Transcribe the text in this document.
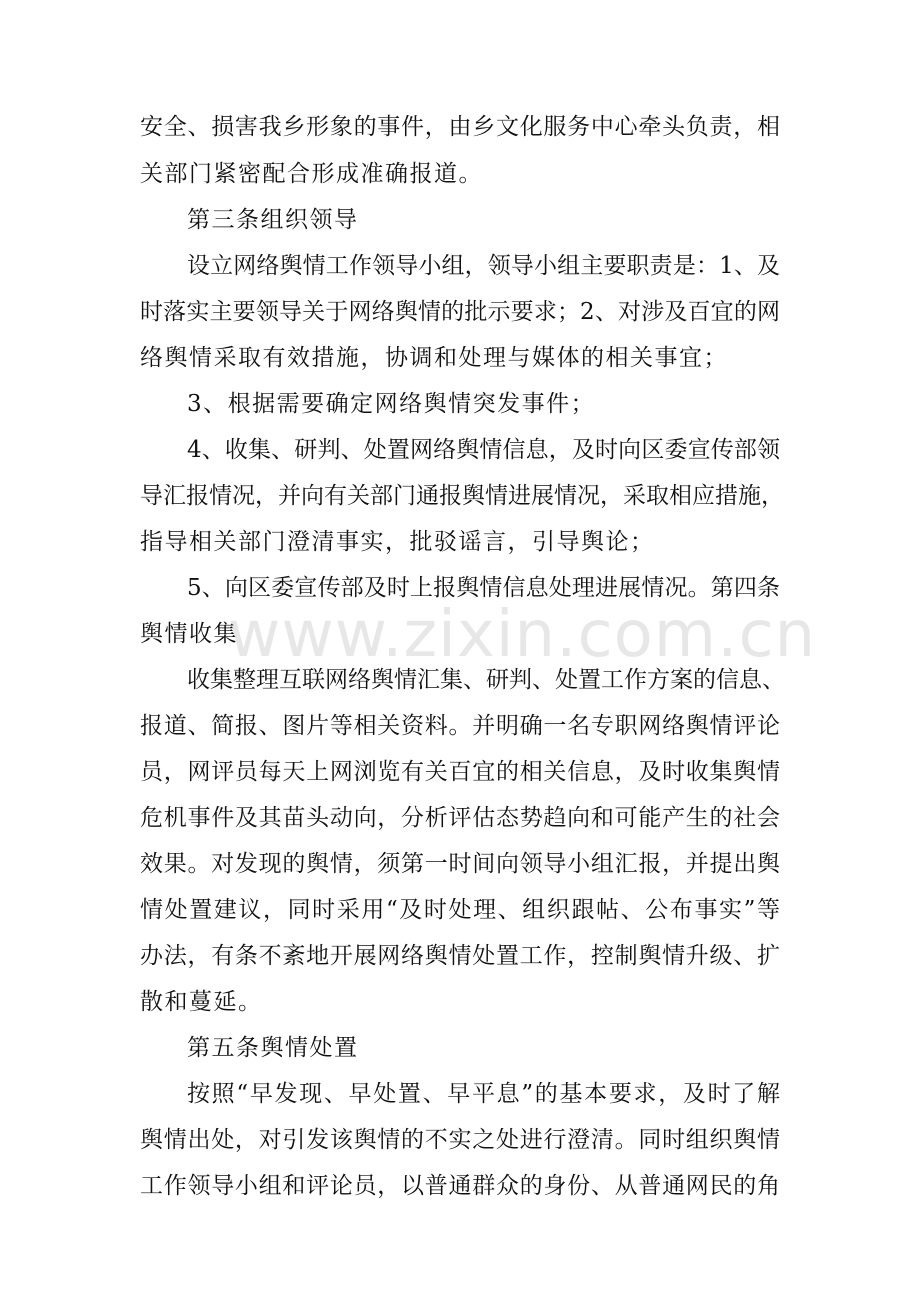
安全、损害我乡形象的事件，由乡文化服务中心牵头负责，相
关部门紧密配合形成准确报道。
第三条组织领导
设立网络舆情工作领导小组，领导小组主要职责是：1、及
时落实主要领导关于网络舆情的批示要求；2、对涉及百宜的网
络舆情采取有效措施，协调和处理与媒体的相关事宜；
3、根据需要确定网络舆情突发事件；
4、收集、研判、处置网络舆情信息，及时向区委宣传部领
导汇报情况，并向有关部门通报舆情进展情况，采取相应措施，
指导相关部门澄清事实，批驳谣言，引导舆论；
5、向区委宣传部及时上报舆情信息处理进展情况。第四条
舆情收集
收集整理互联网络舆情汇集、研判、处置工作方案的信息、
报道、简报、图片等相关资料。并明确一名专职网络舆情评论
员，网评员每天上网浏览有关百宜的相关信息，及时收集舆情
危机事件及其苗头动向，分析评估态势趋向和可能产生的社会
效果。对发现的舆情，须第一时间向领导小组汇报，并提出舆
情处置建议，同时采用“及时处理、组织跟帖、公布事实”等
办法，有条不紊地开展网络舆情处置工作，控制舆情升级、扩
散和蔓延。
第五条舆情处置
按照“早发现、早处置、早平息”的基本要求，及时了解
舆情出处，对引发该舆情的不实之处进行澄清。同时组织舆情
工作领导小组和评论员，以普通群众的身份、从普通网民的角
www.zixin.com.cn
